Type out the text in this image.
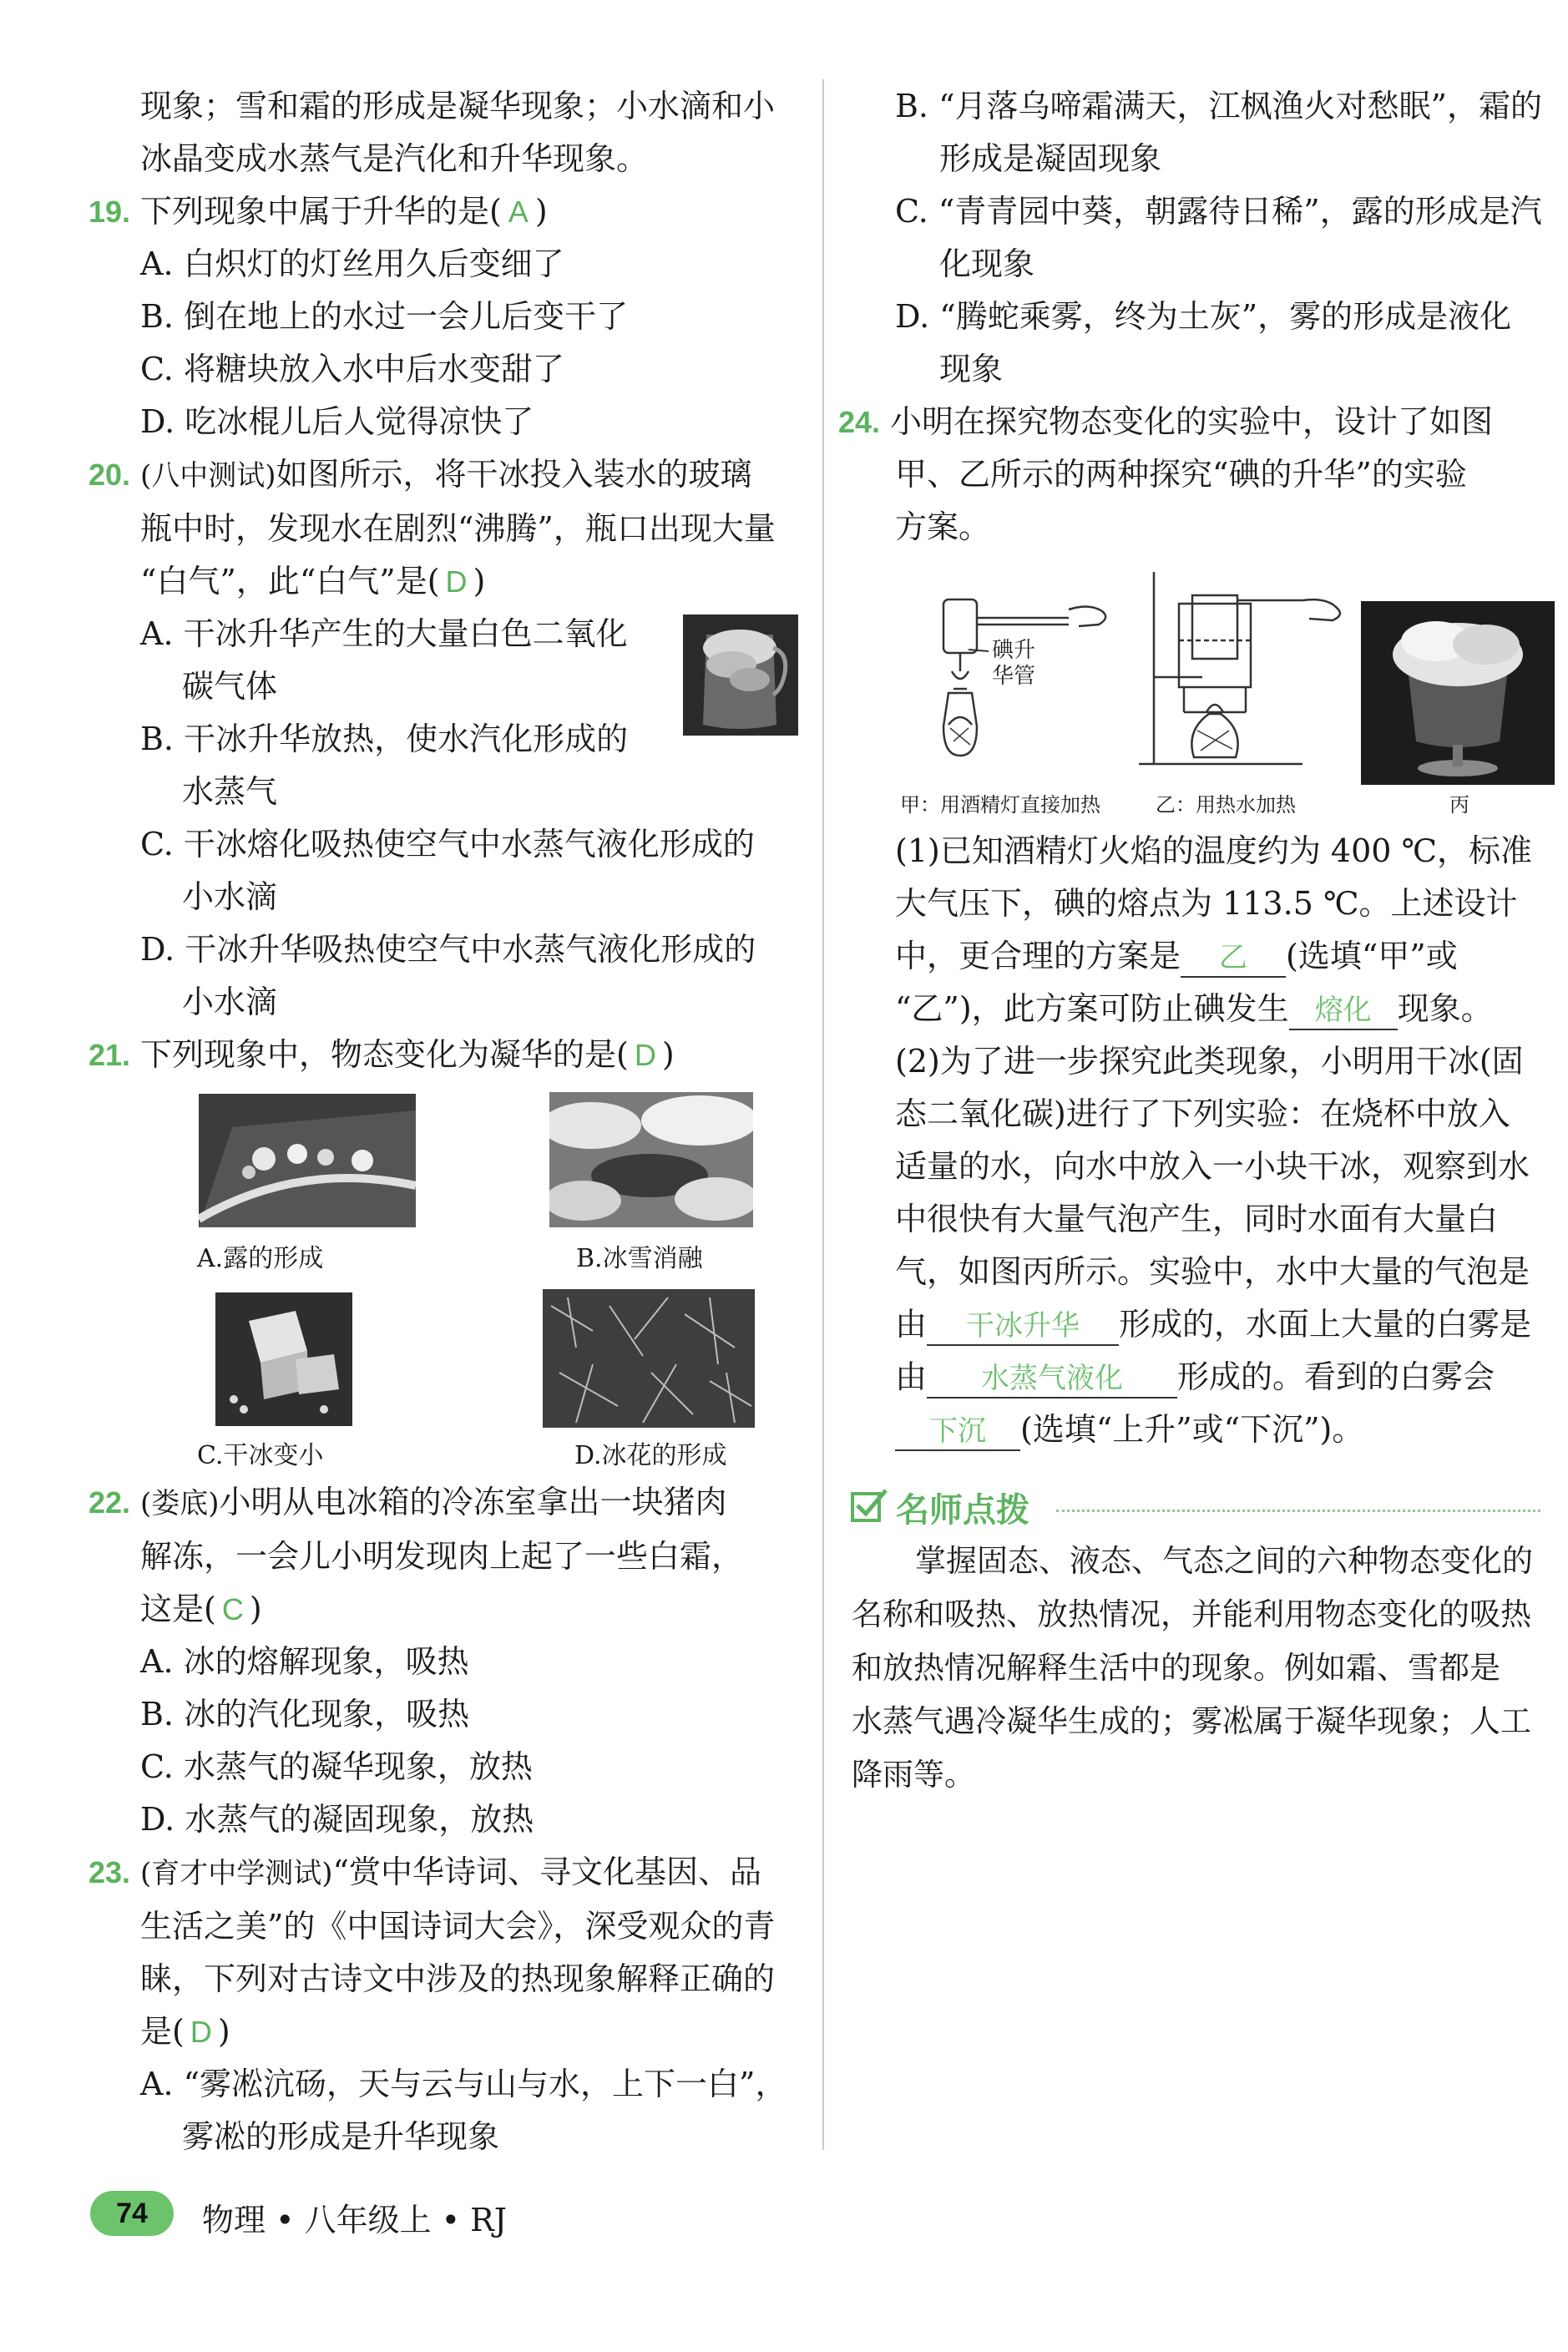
现象；雪和霜的形成是凝华现象；小水滴和小
冰晶变成水蒸气是汽化和升华现象。
19. 下列现象中属于升华的是( A )
A. 白炽灯的灯丝用久后变细了
B. 倒在地上的水过一会儿后变干了
C. 将糖块放入水中后水变甜了
D. 吃冰棍儿后人觉得凉快了
20. (八中测试)如图所示，将干冰投入装水的玻璃
瓶中时，发现水在剧烈“沸腾”，瓶口出现大量
“白气”，此“白气”是( D )
A. 干冰升华产生的大量白色二氧化
碳气体
B. 干冰升华放热，使水汽化形成的
水蒸气
C. 干冰熔化吸热使空气中水蒸气液化形成的
小水滴
D. 干冰升华吸热使空气中水蒸气液化形成的
小水滴
21. 下列现象中，物态变化为凝华的是( D )
A.露的形成	B.冰雪消融
C.干冰变小	D.冰花的形成
22. (娄底)小明从电冰箱的冷冻室拿出一块猪肉
解冻，一会儿小明发现肉上起了一些白霜，
这是( C )
A. 冰的熔解现象，吸热
B. 冰的汽化现象，吸热
C. 水蒸气的凝华现象，放热
D. 水蒸气的凝固现象，放热
23. (育才中学测试)“赏中华诗词、寻文化基因、品
生活之美”的《中国诗词大会》，深受观众的青
睐，下列对古诗文中涉及的热现象解释正确的
是( D )
A. “雾凇沆砀，天与云与山与水，上下一白”，
雾凇的形成是升华现象
B. “月落乌啼霜满天，江枫渔火对愁眠”，霜的
形成是凝固现象
C. “青青园中葵，朝露待日稀”，露的形成是汽
化现象
D. “腾蛇乘雾，终为土灰”，雾的形成是液化
现象
24. 小明在探究物态变化的实验中，设计了如图
甲、乙所示的两种探究“碘的升华”的实验
方案。
碘升
华管
甲：用酒精灯直接加热	乙：用热水加热	丙
(1)已知酒精灯火焰的温度约为 400 ℃，标准
大气压下，碘的熔点为 113.5 ℃。上述设计
中，更合理的方案是 乙 (选填“甲”或
“乙”)，此方案可防止碘发生 熔化 现象。
(2)为了进一步探究此类现象，小明用干冰(固
态二氧化碳)进行了下列实验：在烧杯中放入
适量的水，向水中放入一小块干冰，观察到水
中很快有大量气泡产生，同时水面有大量白
气，如图丙所示。实验中，水中大量的气泡是
由 干冰升华 形成的，水面上大量的白雾是
由 水蒸气液化 形成的。看到的白雾会
下沉 (选填“上升”或“下沉”)。
名师点拨
掌握固态、液态、气态之间的六种物态变化的
名称和吸热、放热情况，并能利用物态变化的吸热
和放热情况解释生活中的现象。例如霜、雪都是
水蒸气遇冷凝华生成的；雾凇属于凝华现象；人工
降雨等。
74	物理 • 八年级上 • RJ
